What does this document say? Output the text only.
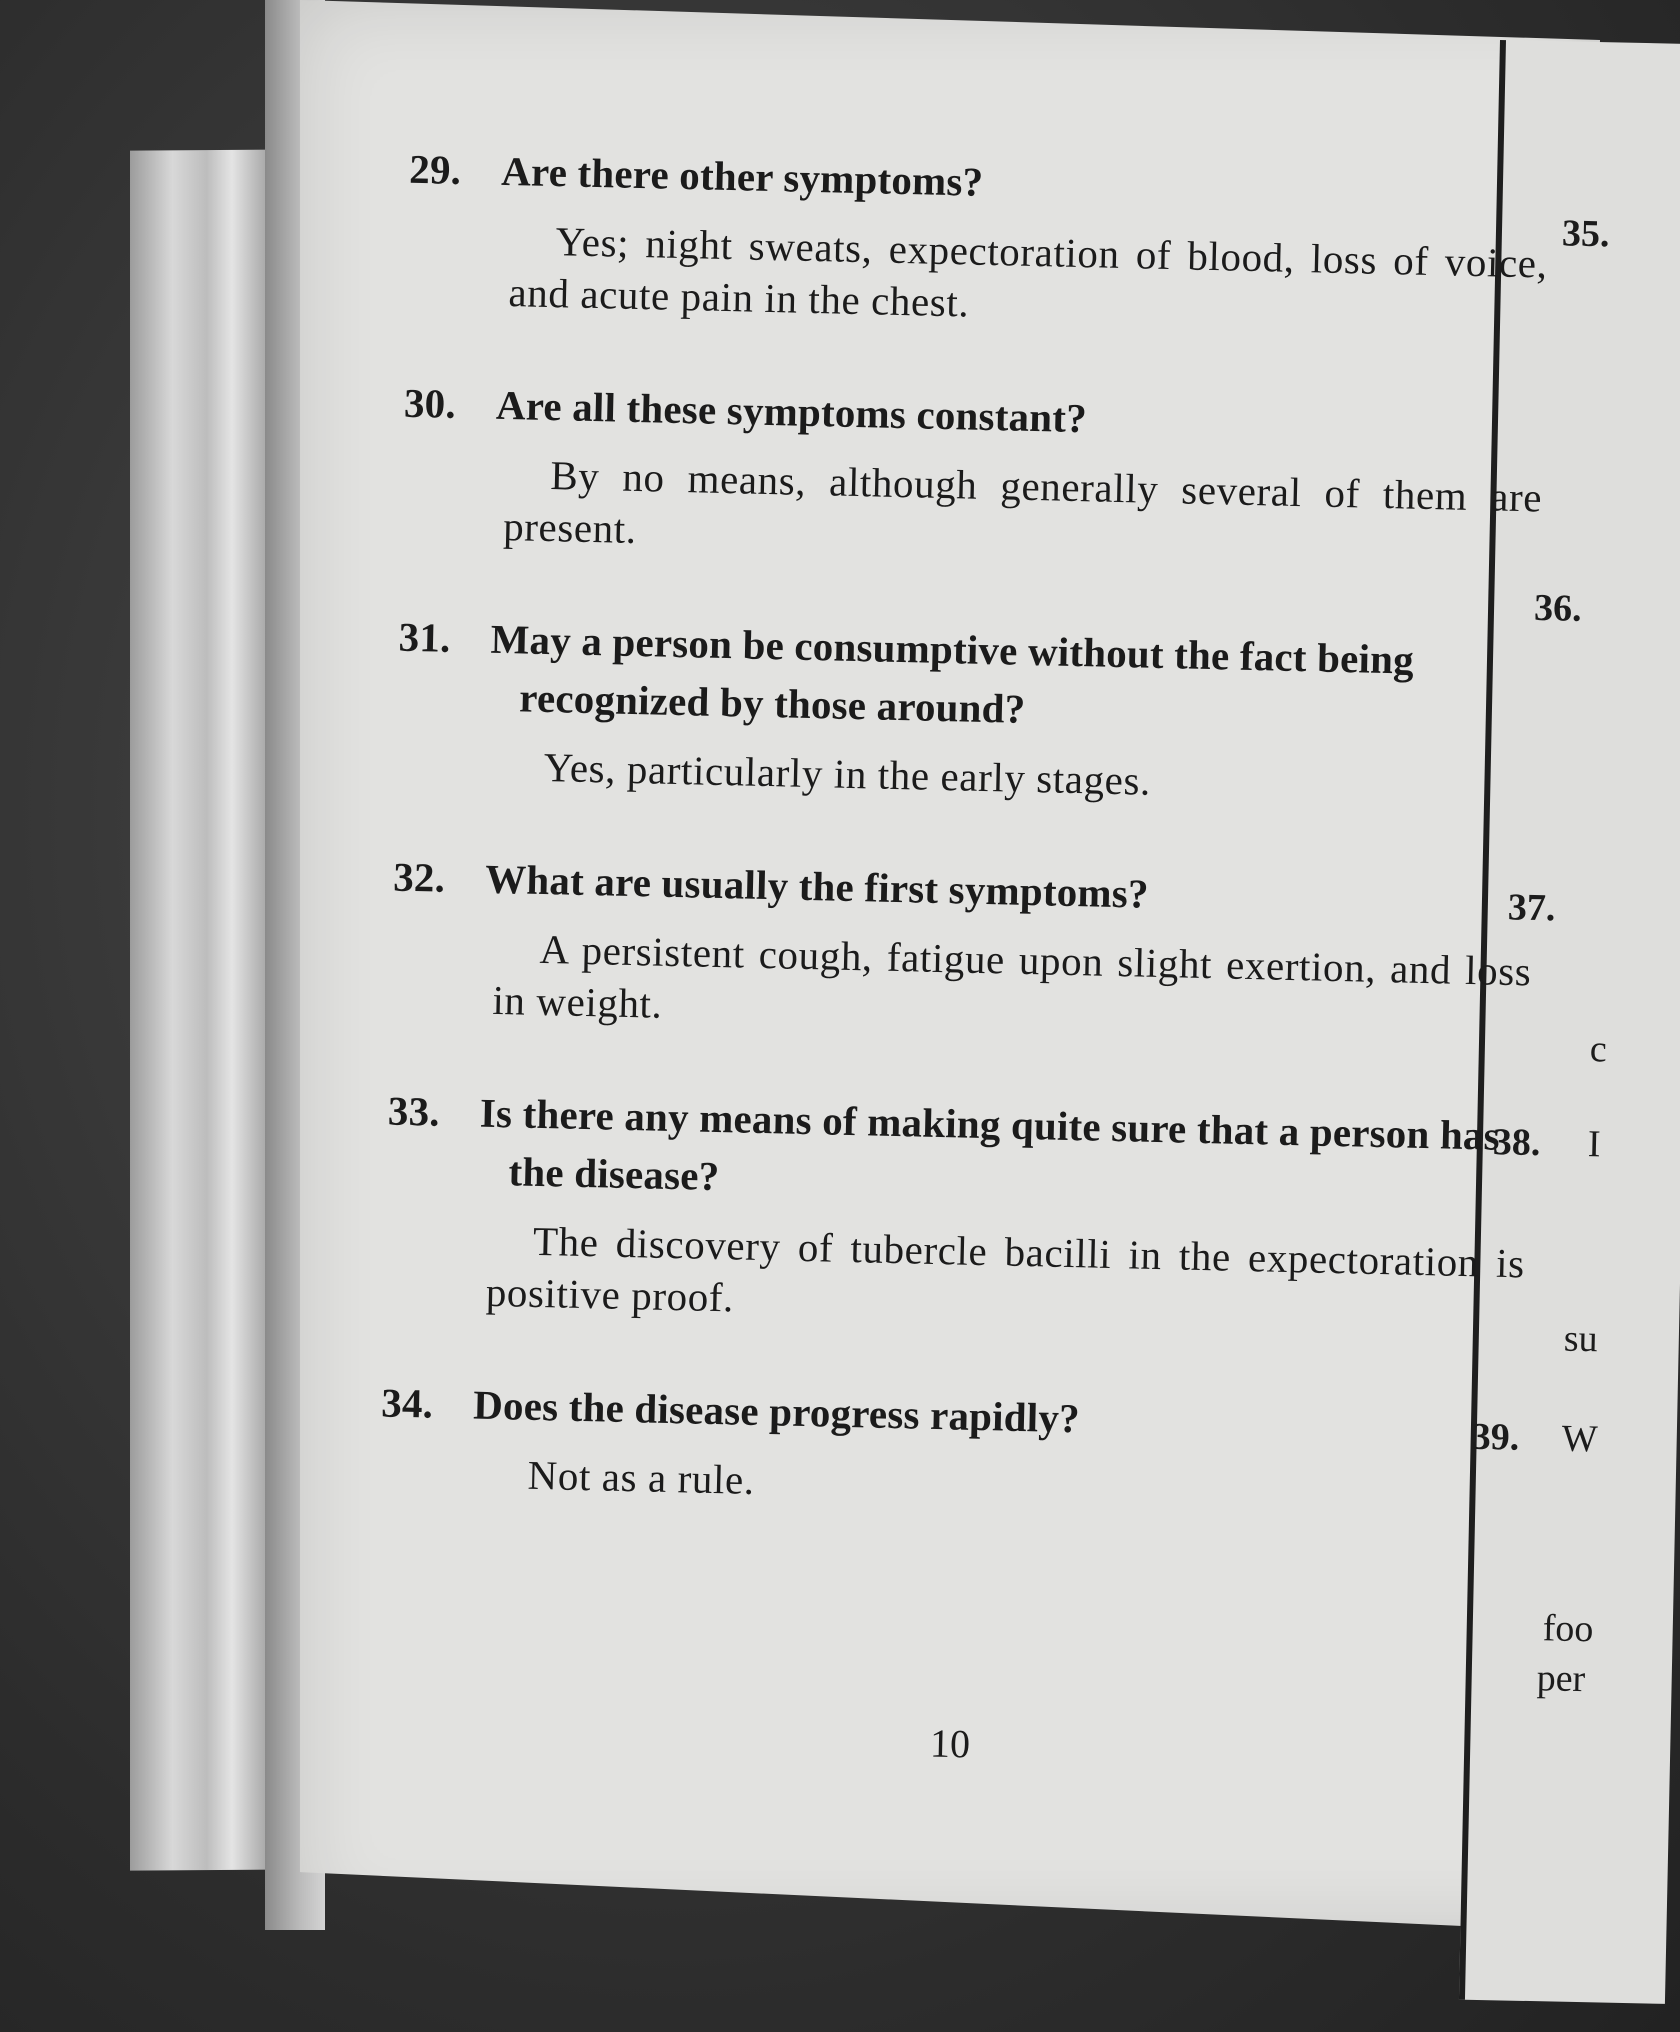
35.
36.
37.
c
38. I
su
39. W
foo
per
29. Are there other symptoms?
Yes; night sweats, expectoration of blood, loss of voice, and acute pain in the chest.
30. Are all these symptoms constant?
By no means, although generally several of them are present.
31. May a person be consumptive without the fact being recognized by those around?
Yes, particularly in the early stages.
32. What are usually the first symptoms?
A persistent cough, fatigue upon slight exertion, and loss in weight.
33. Is there any means of making quite sure that a person has the disease?
The discovery of tubercle bacilli in the expectoration is positive proof.
34. Does the disease progress rapidly?
Not as a rule.
10
